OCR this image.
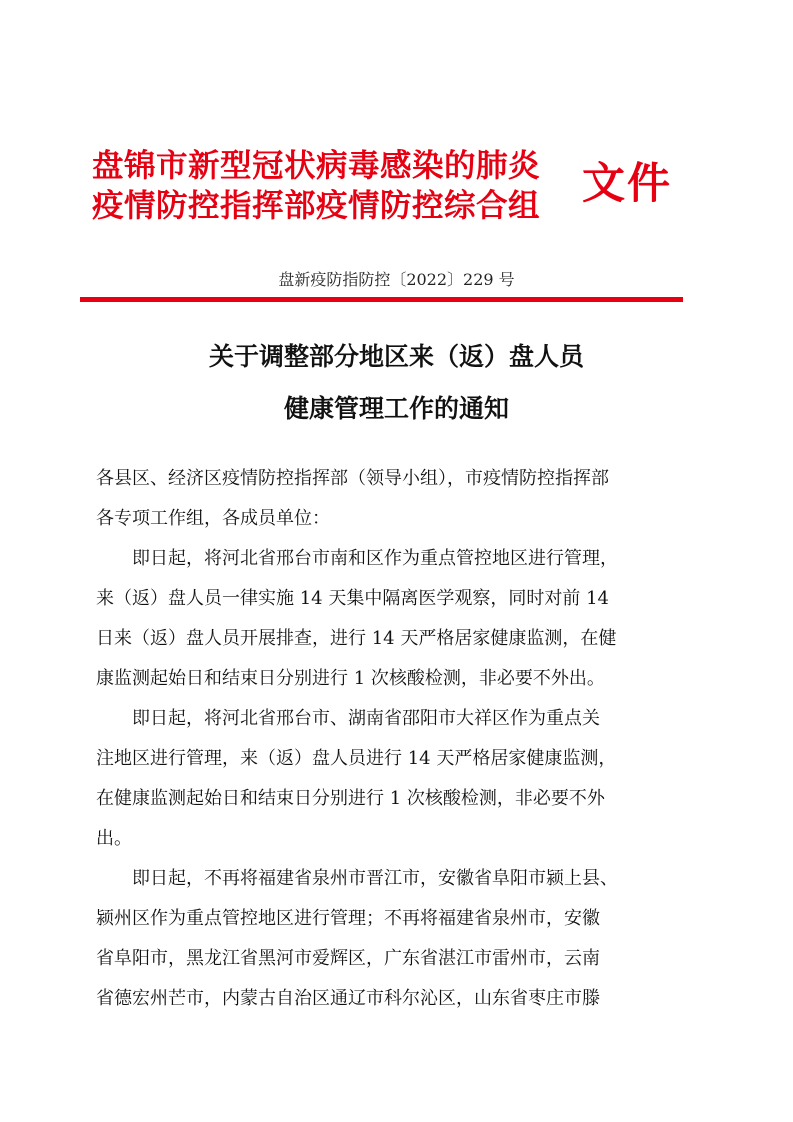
盘锦市新型冠状病毒感染的肺炎
疫情防控指挥部疫情防控综合组 文件
盘新疫防指防控〔2022〕229 号
关于调整部分地区来（返）盘人员
健康管理工作的通知
各县区、经济区疫情防控指挥部（领导小组），市疫情防控指挥部
各专项工作组，各成员单位：
　　即日起，将河北省邢台市南和区作为重点管控地区进行管理，
来（返）盘人员一律实施 14 天集中隔离医学观察，同时对前 14
日来（返）盘人员开展排查，进行 14 天严格居家健康监测，在健
康监测起始日和结束日分别进行 1 次核酸检测，非必要不外出。
　　即日起，将河北省邢台市、湖南省邵阳市大祥区作为重点关
注地区进行管理，来（返）盘人员进行 14 天严格居家健康监测，
在健康监测起始日和结束日分别进行 1 次核酸检测，非必要不外
出。
　　即日起，不再将福建省泉州市晋江市，安徽省阜阳市颍上县、
颍州区作为重点管控地区进行管理；不再将福建省泉州市，安徽
省阜阳市，黑龙江省黑河市爱辉区，广东省湛江市雷州市，云南
省德宏州芒市，内蒙古自治区通辽市科尔沁区，山东省枣庄市滕
